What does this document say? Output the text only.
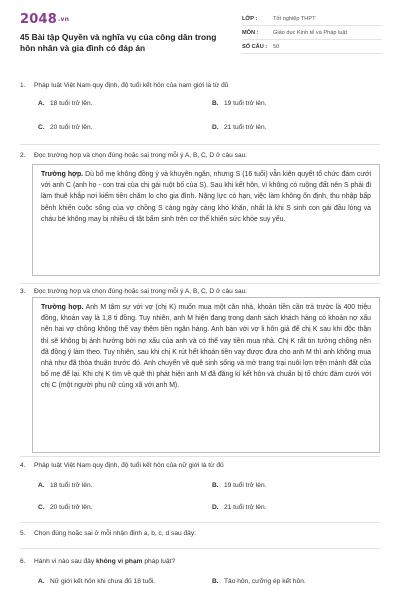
2048.vn
45 Bài tập Quyền và nghĩa vụ của công dân trong hôn nhân và gia đình có đáp án
LỚP :	Tốt nghiệp THPT
MÔN :	Giáo dục Kinh tế và Pháp luật
SỐ CÂU :	50
1.	Pháp luật Việt Nam quy định, độ tuổi kết hôn của nam giới là từ đủ
A. 18 tuổi trở lên.	B. 19 tuổi trở lên.
C. 20 tuổi trở lên.	D. 21 tuổi trở lên.
2.	Đọc trường hợp và chọn đúng hoặc sai trong mỗi ý A, B, C, D ở câu sau:
Trường hợp. Dù bố mẹ không đồng ý và khuyên ngăn, nhưng S (16 tuổi) vẫn kiên quyết tổ chức đám cưới với anh C (anh họ - con trai của chị gái ruột bố của S). Sau khi kết hôn, vì không có ruộng đất nên S phải đi làm thuê khắp nơi kiếm tiền chăm lo cho gia đình. Nặng lực có hạn, việc làm không ổn định, thu nhập bấp bênh khiến cuộc sống của vợ chồng S càng ngày càng khó khăn, nhất là khi S sinh con gái đầu lòng và cháu bé không may bị nhiều dị tật bẩm sinh trên cơ thể khiến sức khỏe suy yếu.
3.	Đọc trường hợp và chọn đúng hoặc sai trong mỗi ý A, B, C, D ở câu sau:
Trường hợp. Anh M tâm sự với vợ (chị K) muốn mua một căn nhà, khoản tiền cần trả trước là 400 triệu đồng, khoản vay là 1,8 tỉ đồng. Tuy nhiên, anh M hiện đang trong danh sách khách hàng có khoản nợ xấu nên hai vợ chồng không thể vay thêm tiền ngân hàng. Anh bàn với vợ li hôn giả để chị K sau khi độc thân thì sẽ không bị ảnh hưởng bởi nợ xấu của anh và có thể vay tiền mua nhà. Chị K rất tin tưởng chồng nên đã đồng ý làm theo. Tuy nhiên, sau khi chị K rút hết khoản tiền vay được đưa cho anh M thì anh không mua nhà như đã thỏa thuận trước đó. Anh chuyển về quê sinh sống và mở trang trại nuôi lợn trên mảnh đất của bố mẹ để lại. Khi chị K tìm về quê thì phát hiện anh M đã đăng kí kết hôn và chuẩn bị tổ chức đám cưới với chị C (một người phụ nữ cùng xã với anh M).
4.	Pháp luật Việt Nam quy định, độ tuổi kết hôn của nữ giới là từ đủ
A. 18 tuổi trở lên.	B. 19 tuổi trở lên.
C. 20 tuổi trở lên.	D. 21 tuổi trở lên.
5.	Chọn đúng hoặc sai ở mỗi nhận định a, b, c, d sau đây:
6.	Hành vi nào sau đây không vi phạm pháp luật?
A. Nữ giới kết hôn khi chưa đủ 18 tuổi.	B. Tảo hôn, cưỡng ép kết hôn.
